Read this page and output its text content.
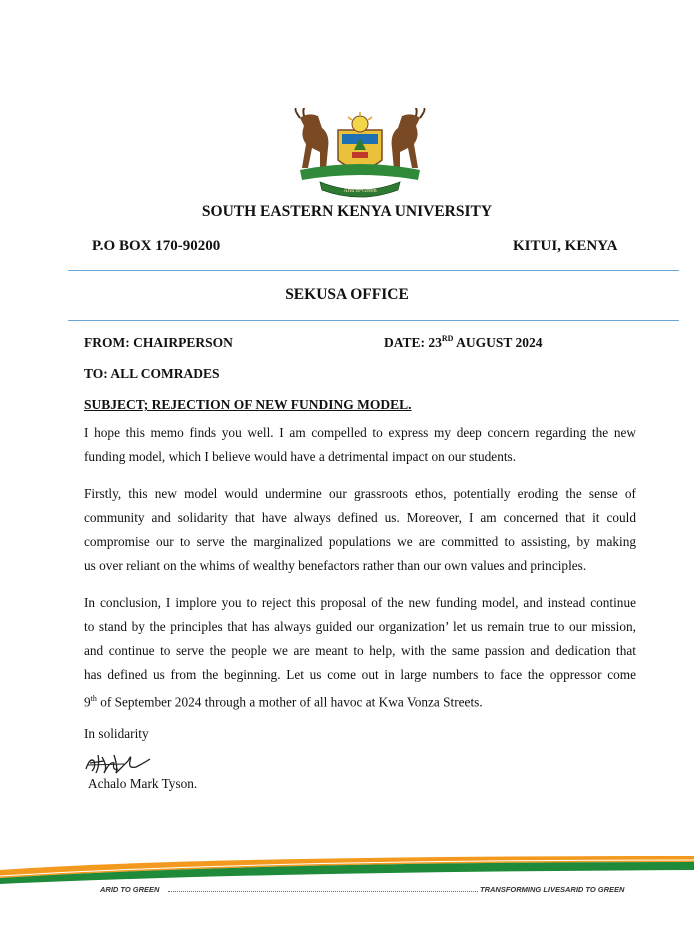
Arid to Green
SOUTH EASTERN KENYA UNIVERSITY
P.O BOX 170-90200	KITUI, KENYA
SEKUSA OFFICE
FROM: CHAIRPERSON	DATE: 23RD AUGUST 2024
TO: ALL COMRADES
SUBJECT; REJECTION OF NEW FUNDING MODEL.
I hope this memo finds you well. I am compelled to express my deep concern regarding the new
funding model, which I believe would have a detrimental impact on our students.
Firstly, this new model would undermine our grassroots ethos, potentially eroding the sense of
community and solidarity that have always defined us. Moreover, I am concerned that it could
compromise our to serve the marginalized populations we are committed to assisting, by making
us over reliant on the whims of wealthy benefactors rather than our own values and principles.
In conclusion, I implore you to reject this proposal of the new funding model, and instead continue
to stand by the principles that has always guided our organization’ let us remain true to our mission,
and continue to serve the people we are meant to help, with the same passion and dedication that
has defined us from the beginning. Let us come out in large numbers to face the oppressor come
9th of September 2024 through a mother of all havoc at Kwa Vonza Streets.
In solidarity
Achalo Mark Tyson.
ARID TO GREEN	TRANSFORMING LIVESARID TO GREEN
